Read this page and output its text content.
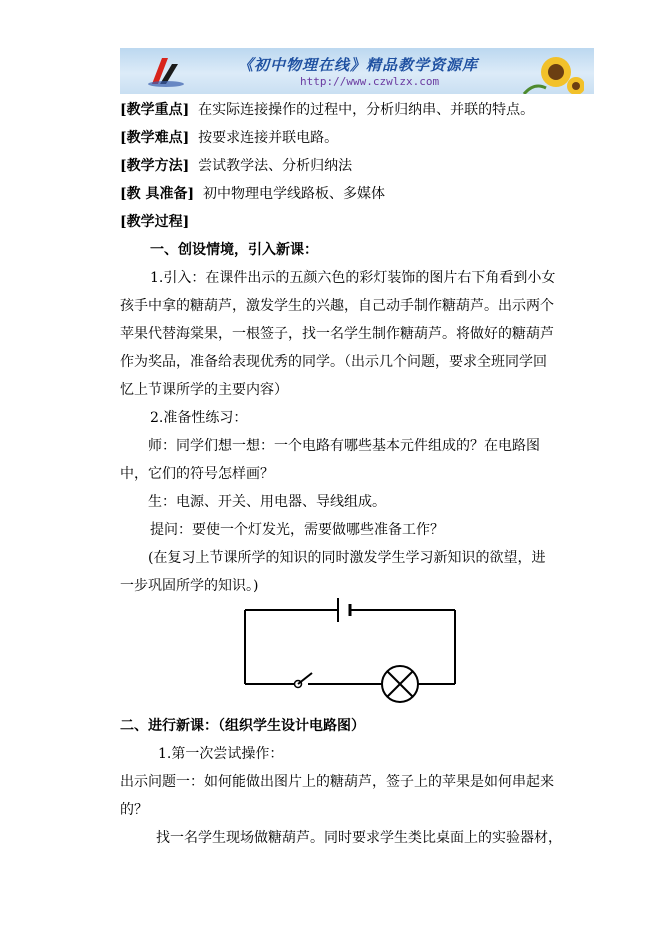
《初中物理在线》精品教学资源库
http://www.czwlzx.com
[教学重点] 在实际连接操作的过程中，分析归纳串、并联的特点。
[教学难点] 按要求连接并联电路。
[教学方法] 尝试教学法、分析归纳法
[教 具准备] 初中物理电学线路板、多媒体
[教学过程]
一、创设情境，引入新课：
1.引入：在课件出示的五颜六色的彩灯装饰的图片右下角看到小女
孩手中拿的糖葫芦，激发学生的兴趣，自己动手制作糖葫芦。出示两个
苹果代替海棠果，一根签子，找一名学生制作糖葫芦。将做好的糖葫芦
作为奖品，准备给表现优秀的同学。（出示几个问题，要求全班同学回
忆上节课所学的主要内容）
2.准备性练习：
师：同学们想一想：一个电路有哪些基本元件组成的？在电路图
中，它们的符号怎样画？
生：电源、开关、用电器、导线组成。
提问：要使一个灯发光，需要做哪些准备工作？
(在复习上节课所学的知识的同时激发学生学习新知识的欲望，进
一步巩固所学的知识。)
二、进行新课：（组织学生设计电路图）
1.第一次尝试操作：
出示问题一：如何能做出图片上的糖葫芦，签子上的苹果是如何串起来
的？
找一名学生现场做糖葫芦。同时要求学生类比桌面上的实验器材，
